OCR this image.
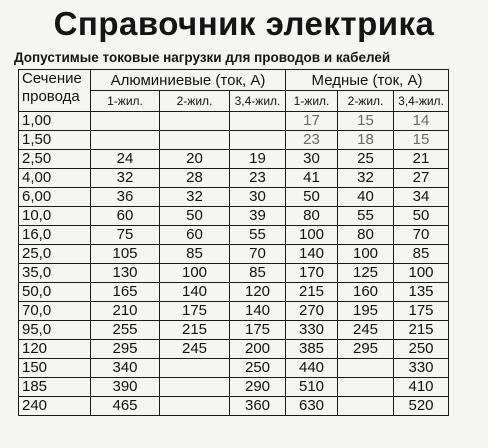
Справочник электрика
Допустимые токовые нагрузки для проводов и кабелей
Сечение
провода	Алюминиевые (ток, А)			Медные (ток, А)		
	1-жил.	2-жил.	3,4-жил.	1-жил.	2-жил.	3,4-жил.
1,00				17	15	14
1,50				23	18	15
2,50	24	20	19	30	25	21
4,00	32	28	23	41	32	27
6,00	36	32	30	50	40	34
10,0	60	50	39	80	55	50
16,0	75	60	55	100	80	70
25,0	105	85	70	140	100	85
35,0	130	100	85	170	125	100
50,0	165	140	120	215	160	135
70,0	210	175	140	270	195	175
95,0	255	215	175	330	245	215
120	295	245	200	385	295	250
150	340		250	440		330
185	390		290	510		410
240	465		360	630		520
